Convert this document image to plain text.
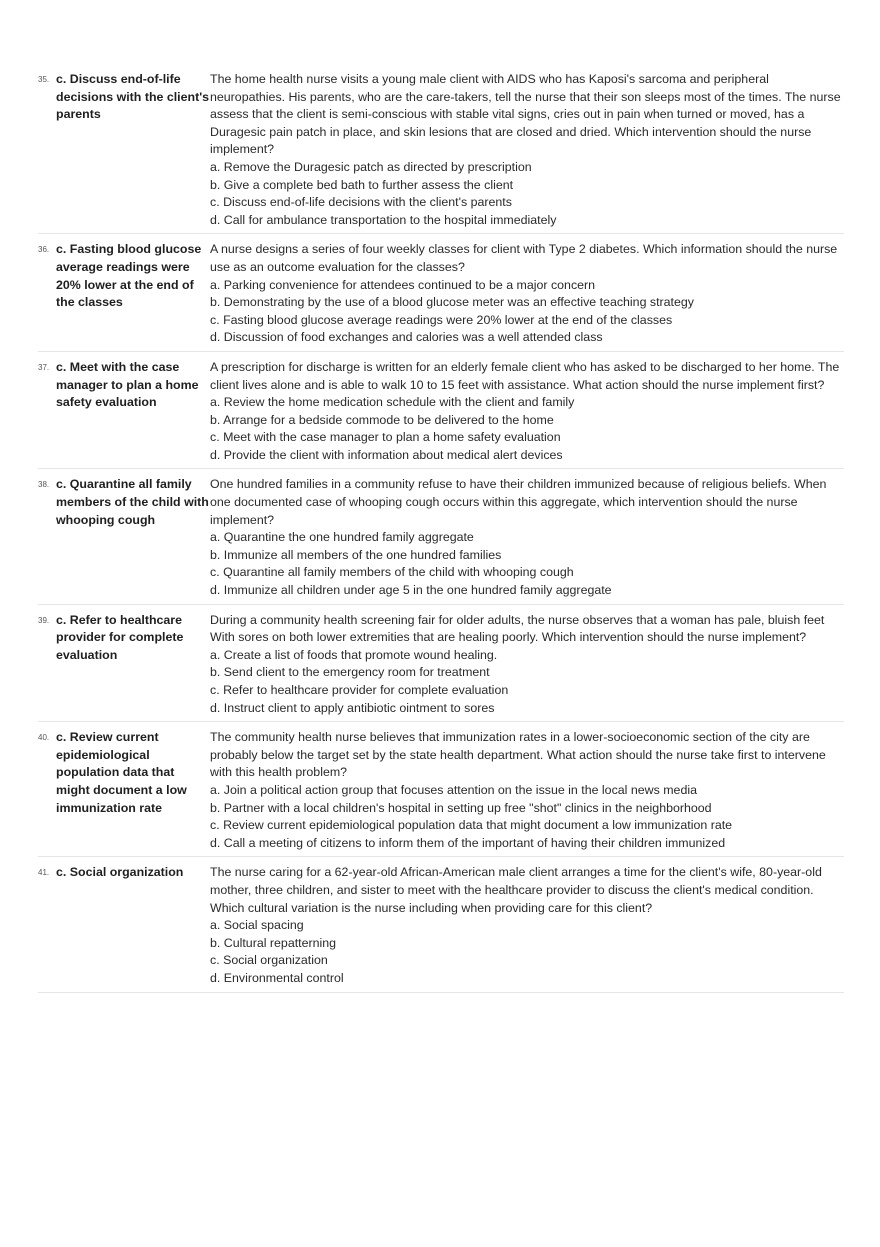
35. c. Discuss end-of-life decisions with the client's parents

The home health nurse visits a young male client with AIDS who has Kaposi's sarcoma and peripheral neuropathies. His parents, who are the care-takers, tell the nurse that their son sleeps most of the times. The nurse assess that the client is semi-conscious with stable vital signs, cries out in pain when turned or moved, has a Duragesic pain patch in place, and skin lesions that are closed and dried. Which intervention should the nurse implement?

a. Remove the Duragesic patch as directed by prescription

b. Give a complete bed bath to further assess the client

c. Discuss end-of-life decisions with the client's parents

d. Call for ambulance transportation to the hospital immediately

36. c. Fasting blood glucose average readings were 20% lower at the end of the classes

A nurse designs a series of four weekly classes for client with Type 2 diabetes. Which information should the nurse use as an outcome evaluation for the classes?

a. Parking convenience for attendees continued to be a major concern

b. Demonstrating by the use of a blood glucose meter was an effective teaching strategy

c. Fasting blood glucose average readings were 20% lower at the end of the classes

d. Discussion of food exchanges and calories was a well attended class

37. c. Meet with the case manager to plan a home safety evaluation

A prescription for discharge is written for an elderly female client who has asked to be discharged to her home. The client lives alone and is able to walk 10 to 15 feet with assistance. What action should the nurse implement first?

a. Review the home medication schedule with the client and family

b. Arrange for a bedside commode to be delivered to the home

c. Meet with the case manager to plan a home safety evaluation

d. Provide the client with information about medical alert devices

38. c. Quarantine all family members of the child with whooping cough

One hundred families in a community refuse to have their children immunized because of religious beliefs. When one documented case of whooping cough occurs within this aggregate, which intervention should the nurse implement?

a. Quarantine the one hundred family aggregate

b. Immunize all members of the one hundred families

c. Quarantine all family members of the child with whooping cough

d. Immunize all children under age 5 in the one hundred family aggregate

39. c. Refer to healthcare provider for complete evaluation

During a community health screening fair for older adults, the nurse observes that a woman has pale, bluish feet With sores on both lower extremities that are healing poorly. Which intervention should the nurse implement?

a. Create a list of foods that promote wound healing.

b. Send client to the emergency room for treatment

c. Refer to healthcare provider for complete evaluation

d. Instruct client to apply antibiotic ointment to sores

40. c. Review current epidemiological population data that might document a low immunization rate

The community health nurse believes that immunization rates in a lower-socioeconomic section of the city are probably below the target set by the state health department. What action should the nurse take first to intervene with this health problem?

a. Join a political action group that focuses attention on the issue in the local news media

b. Partner with a local children's hospital in setting up free "shot" clinics in the neighborhood

c. Review current epidemiological population data that might document a low immunization rate

d. Call a meeting of citizens to inform them of the important of having their children immunized

41. c. Social organization The nurse caring for a 62-year-old African-American male client arranges a time for the client's wife, 80-year-old mother, three children, and sister to meet with the healthcare provider to discuss the client's medical condition. Which cultural variation is the nurse including when providing care for this client?

a. Social spacing

b. Cultural repatterning

c. Social organization

d. Environmental control
